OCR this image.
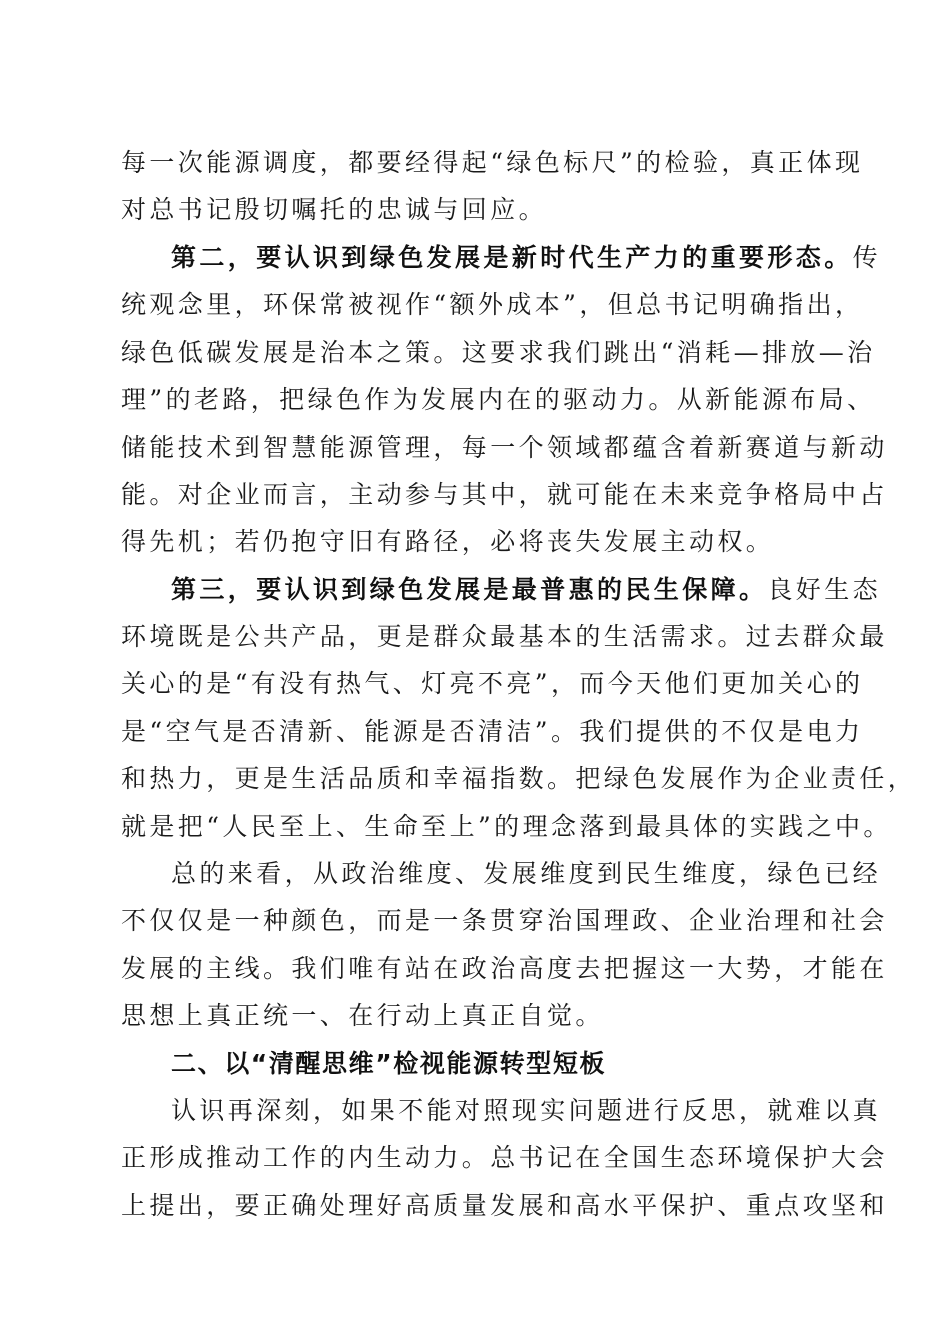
每一次能源调度，都要经得起“绿色标尺”的检验，真正体现
对总书记殷切嘱托的忠诚与回应。
第二，要认识到绿色发展是新时代生产力的重要形态。传
统观念里，环保常被视作“额外成本”，但总书记明确指出，
绿色低碳发展是治本之策。这要求我们跳出“消耗—排放—治
理”的老路，把绿色作为发展内在的驱动力。从新能源布局、
储能技术到智慧能源管理，每一个领域都蕴含着新赛道与新动
能。对企业而言，主动参与其中，就可能在未来竞争格局中占
得先机；若仍抱守旧有路径，必将丧失发展主动权。
第三，要认识到绿色发展是最普惠的民生保障。良好生态
环境既是公共产品，更是群众最基本的生活需求。过去群众最
关心的是“有没有热气、灯亮不亮”，而今天他们更加关心的
是“空气是否清新、能源是否清洁”。我们提供的不仅是电力
和热力，更是生活品质和幸福指数。把绿色发展作为企业责任，
就是把“人民至上、生命至上”的理念落到最具体的实践之中。
总的来看，从政治维度、发展维度到民生维度，绿色已经
不仅仅是一种颜色，而是一条贯穿治国理政、企业治理和社会
发展的主线。我们唯有站在政治高度去把握这一大势，才能在
思想上真正统一、在行动上真正自觉。
二、以“清醒思维”检视能源转型短板
认识再深刻，如果不能对照现实问题进行反思，就难以真
正形成推动工作的内生动力。总书记在全国生态环境保护大会
上提出，要正确处理好高质量发展和高水平保护、重点攻坚和
